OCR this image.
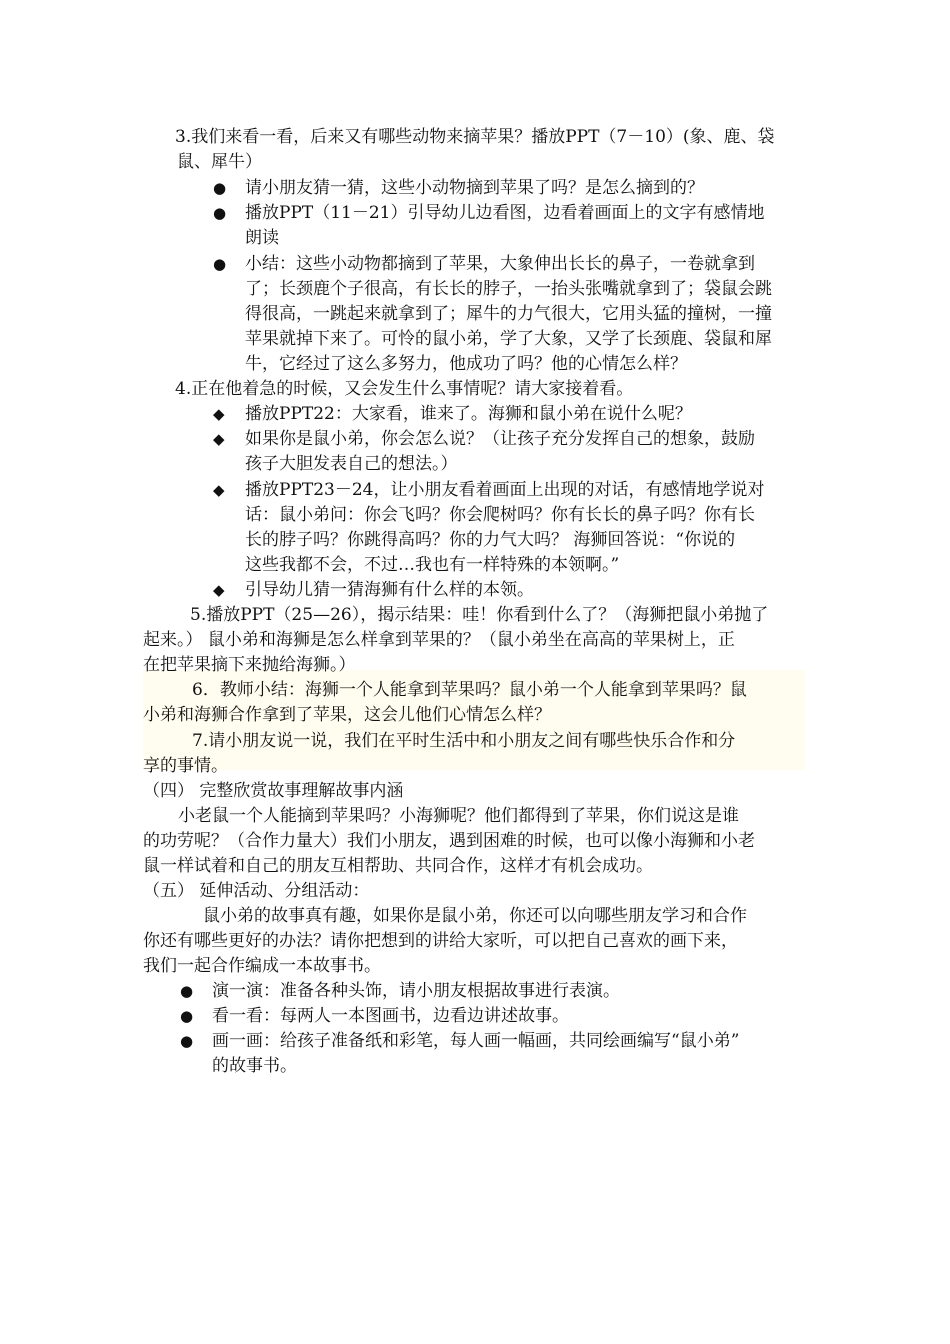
3.我们来看一看，后来又有哪些动物来摘苹果？播放PPT（7－10）(象、鹿、袋
鼠、犀牛）
● 请小朋友猜一猜，这些小动物摘到苹果了吗？是怎么摘到的？
● 播放PPT（11－21）引导幼儿边看图，边看着画面上的文字有感情地
朗读
● 小结：这些小动物都摘到了苹果，大象伸出长长的鼻子，一卷就拿到
了；长颈鹿个子很高，有长长的脖子，一抬头张嘴就拿到了；袋鼠会跳
得很高，一跳起来就拿到了；犀牛的力气很大，它用头猛的撞树，一撞
苹果就掉下来了。可怜的鼠小弟，学了大象，又学了长颈鹿、袋鼠和犀
牛，它经过了这么多努力，他成功了吗？他的心情怎么样？
4.正在他着急的时候，又会发生什么事情呢？请大家接着看。
◆ 播放PPT22：大家看，谁来了。海狮和鼠小弟在说什么呢？
◆ 如果你是鼠小弟，你会怎么说？（让孩子充分发挥自己的想象，鼓励
孩子大胆发表自己的想法。）
◆ 播放PPT23－24，让小朋友看着画面上出现的对话，有感情地学说对
话：鼠小弟问：你会飞吗？你会爬树吗？你有长长的鼻子吗？你有长
长的脖子吗？你跳得高吗？你的力气大吗？ 海狮回答说：“你说的
这些我都不会，不过…我也有一样特殊的本领啊。”
◆ 引导幼儿猜一猜海狮有什么样的本领。
5.播放PPT（25—26），揭示结果：哇！你看到什么了？（海狮把鼠小弟抛了
起来。） 鼠小弟和海狮是怎么样拿到苹果的？（鼠小弟坐在高高的苹果树上，正
在把苹果摘下来抛给海狮。）
6．教师小结：海狮一个人能拿到苹果吗？鼠小弟一个人能拿到苹果吗？鼠
小弟和海狮合作拿到了苹果，这会儿他们心情怎么样？
7.请小朋友说一说，我们在平时生活中和小朋友之间有哪些快乐合作和分
享的事情。
（四） 完整欣赏故事理解故事内涵
小老鼠一个人能摘到苹果吗？小海狮呢？他们都得到了苹果，你们说这是谁
的功劳呢？（合作力量大）我们小朋友，遇到困难的时候，也可以像小海狮和小老
鼠一样试着和自己的朋友互相帮助、共同合作，这样才有机会成功。
（五） 延伸活动、分组活动：
鼠小弟的故事真有趣，如果你是鼠小弟，你还可以向哪些朋友学习和合作
你还有哪些更好的办法？请你把想到的讲给大家听，可以把自己喜欢的画下来，
我们一起合作编成一本故事书。
● 演一演：准备各种头饰，请小朋友根据故事进行表演。
● 看一看：每两人一本图画书，边看边讲述故事。
● 画一画：给孩子准备纸和彩笔，每人画一幅画，共同绘画编写“鼠小弟”
的故事书。
